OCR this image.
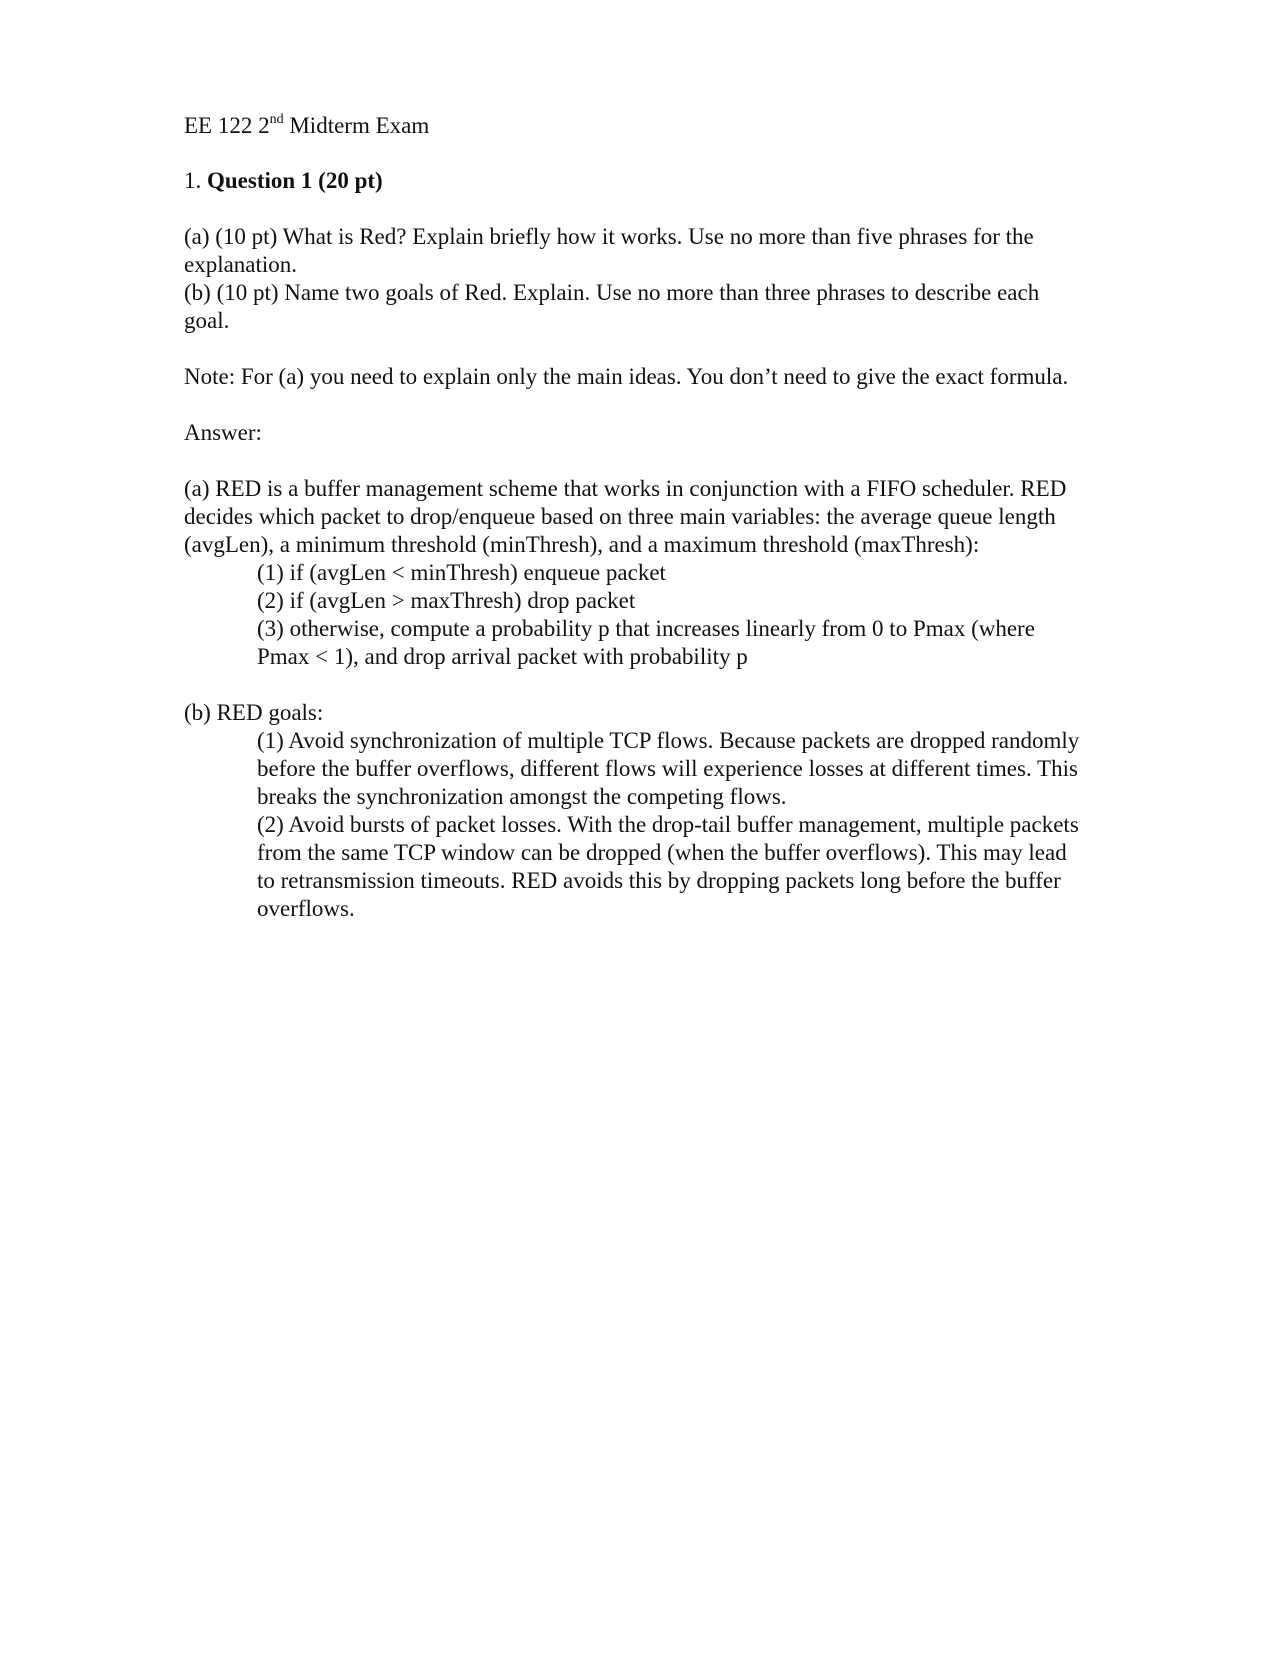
EE 122 2nd Midterm Exam

1. Question 1 (20 pt)

(a) (10 pt) What is Red? Explain briefly how it works. Use no more than five phrases for the explanation.

(b) (10 pt) Name two goals of Red. Explain. Use no more than three phrases to describe each goal.

Note: For (a) you need to explain only the main ideas. You don’t need to give the exact formula.

Answer:

(a) RED is a buffer management scheme that works in conjunction with a FIFO scheduler. RED decides which packet to drop/enqueue based on three main variables: the average queue length (avgLen), a minimum threshold (minThresh), and a maximum threshold (maxThresh):

(1) if (avgLen < minThresh) enqueue packet

(2) if (avgLen > maxThresh) drop packet

(3) otherwise, compute a probability p that increases linearly from 0 to Pmax (where Pmax < 1), and drop arrival packet with probability p

(b) RED goals:

(1) Avoid synchronization of multiple TCP flows. Because packets are dropped randomly before the buffer overflows, different flows will experience losses at different times. This breaks the synchronization amongst the competing flows.

(2) Avoid bursts of packet losses. With the drop-tail buffer management, multiple packets from the same TCP window can be dropped (when the buffer overflows). This may lead to retransmission timeouts. RED avoids this by dropping packets long before the buffer overflows.
